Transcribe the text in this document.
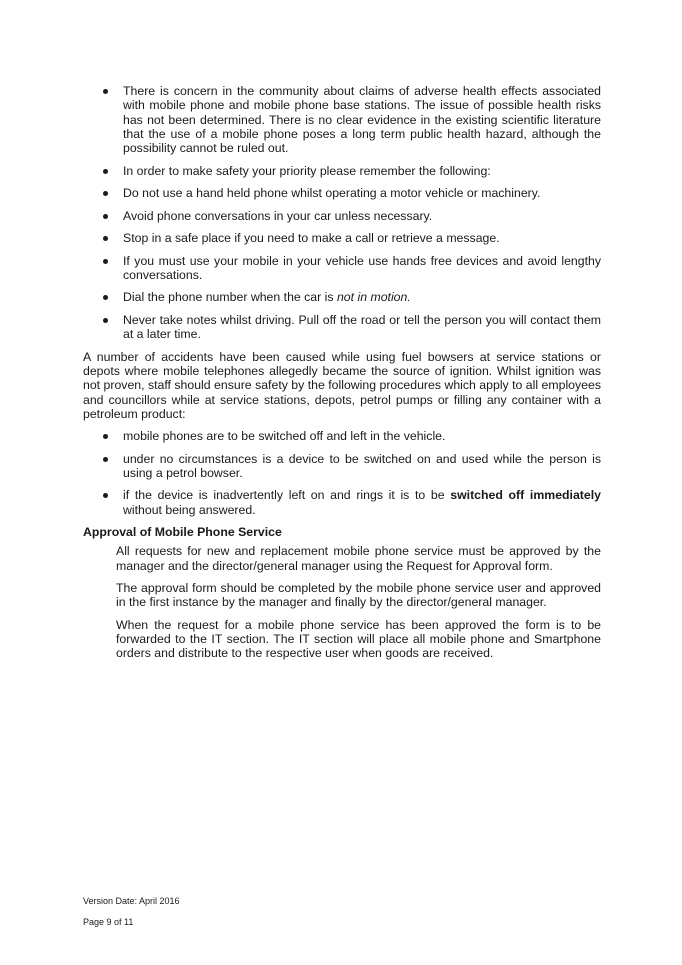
There is concern in the community about claims of adverse health effects associated with mobile phone and mobile phone base stations. The issue of possible health risks has not been determined. There is no clear evidence in the existing scientific literature that the use of a mobile phone poses a long term public health hazard, although the possibility cannot be ruled out.
In order to make safety your priority please remember the following:
Do not use a hand held phone whilst operating a motor vehicle or machinery.
Avoid phone conversations in your car unless necessary.
Stop in a safe place if you need to make a call or retrieve a message.
If you must use your mobile in your vehicle use hands free devices and avoid lengthy conversations.
Dial the phone number when the car is not in motion.
Never take notes whilst driving. Pull off the road or tell the person you will contact them at a later time.

A number of accidents have been caused while using fuel bowsers at service stations or depots where mobile telephones allegedly became the source of ignition. Whilst ignition was not proven, staff should ensure safety by the following procedures which apply to all employees and councillors while at service stations, depots, petrol pumps or filling any container with a petroleum product:

mobile phones are to be switched off and left in the vehicle.
under no circumstances is a device to be switched on and used while the person is using a petrol bowser.
if the device is inadvertently left on and rings it is to be switched off immediately without being answered.
Approval of Mobile Phone Service

All requests for new and replacement mobile phone service must be approved by the manager and the director/general manager using the Request for Approval form.

The approval form should be completed by the mobile phone service user and approved in the first instance by the manager and finally by the director/general manager.

When the request for a mobile phone service has been approved the form is to be forwarded to the IT section. The IT section will place all mobile phone and Smartphone orders and distribute to the respective user when goods are received.

Version Date: April 2016
Page 9 of 11
